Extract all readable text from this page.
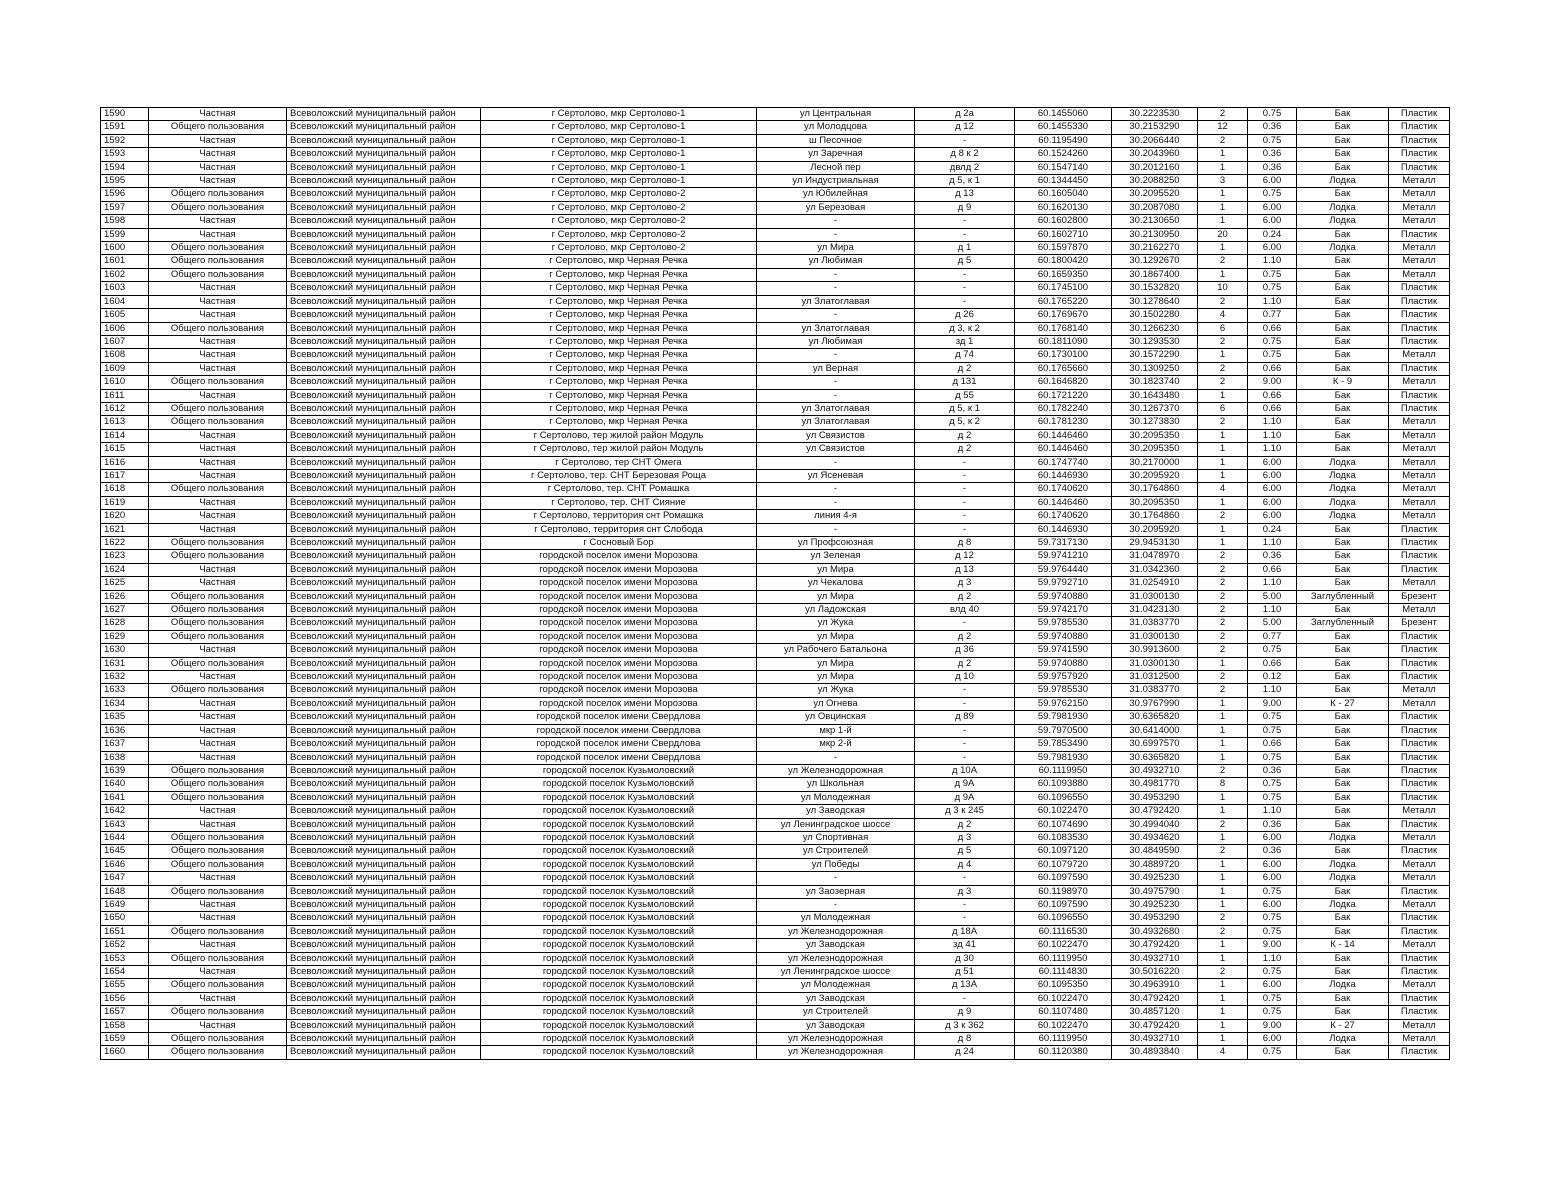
1590	Частная	Всеволожский муниципальный район	г Сертолово, мкр Сертолово-1	ул Центральная	д 2а	60.1455060	30.2223530	2	0.75	Бак	Пластик
1591	Общего пользования	Всеволожский муниципальный район	г Сертолово, мкр Сертолово-1	ул Молодцова	д 12	60.1455330	30.2153290	12	0.36	Бак	Пластик
1592	Частная	Всеволожский муниципальный район	г Сертолово, мкр Сертолово-1	ш Песочное	-	60.1195490	30.2066440	2	0.75	Бак	Пластик
1593	Частная	Всеволожский муниципальный район	г Сертолово, мкр Сертолово-1	ул Заречная	д 8 к 2	60.1524260	30.2043960	1	0.36	Бак	Пластик
1594	Частная	Всеволожский муниципальный район	г Сертолово, мкр Сертолово-1	Лесной пер	двлд 2	60.1547140	30.2012160	1	0.36	Бак	Пластик
1595	Частная	Всеволожский муниципальный район	г Сертолово, мкр Сертолово-1	ул Индустриальная	д 5, к 1	60.1344450	30.2088250	3	6.00	Лодка	Металл
1596	Общего пользования	Всеволожский муниципальный район	г Сертолово, мкр Сертолово-2	ул Юбилейная	д 13	60.1605040	30.2095520	1	0.75	Бак	Металл
1597	Общего пользования	Всеволожский муниципальный район	г Сертолово, мкр Сертолово-2	ул Березовая	д 9	60.1620130	30.2087080	1	6.00	Лодка	Металл
1598	Частная	Всеволожский муниципальный район	г Сертолово, мкр Сертолово-2	-	-	60.1602800	30.2130650	1	6.00	Лодка	Металл
1599	Частная	Всеволожский муниципальный район	г Сертолово, мкр Сертолово-2	-	-	60.1602710	30.2130950	20	0.24	Бак	Пластик
1600	Общего пользования	Всеволожский муниципальный район	г Сертолово, мкр Сертолово-2	ул Мира	д 1	60.1597870	30.2162270	1	6.00	Лодка	Металл
1601	Общего пользования	Всеволожский муниципальный район	г Сертолово, мкр Черная Речка	ул Любимая	д 5	60.1800420	30.1292670	2	1.10	Бак	Металл
1602	Общего пользования	Всеволожский муниципальный район	г Сертолово, мкр Черная Речка	-	-	60.1659350	30.1867400	1	0.75	Бак	Металл
1603	Частная	Всеволожский муниципальный район	г Сертолово, мкр Черная Речка	-	-	60.1745100	30.1532820	10	0.75	Бак	Пластик
1604	Частная	Всеволожский муниципальный район	г Сертолово, мкр Черная Речка	ул Златоглавая	-	60.1765220	30.1278640	2	1.10	Бак	Пластик
1605	Частная	Всеволожский муниципальный район	г Сертолово, мкр Черная Речка	-	д 26	60.1769670	30.1502280	4	0.77	Бак	Пластик
1606	Общего пользования	Всеволожский муниципальный район	г Сертолово, мкр Черная Речка	ул Златоглавая	д 3, к 2	60.1768140	30.1266230	6	0.66	Бак	Пластик
1607	Частная	Всеволожский муниципальный район	г Сертолово, мкр Черная Речка	ул Любимая	зд 1	60.1811090	30.1293530	2	0.75	Бак	Пластик
1608	Частная	Всеволожский муниципальный район	г Сертолово, мкр Черная Речка	-	д 74	60.1730100	30.1572290	1	0.75	Бак	Металл
1609	Частная	Всеволожский муниципальный район	г Сертолово, мкр Черная Речка	ул Верная	д 2	60.1765660	30.1309250	2	0.66	Бак	Пластик
1610	Общего пользования	Всеволожский муниципальный район	г Сертолово, мкр Черная Речка	-	д 131	60.1646820	30.1823740	2	9.00	К - 9	Металл
1611	Частная	Всеволожский муниципальный район	г Сертолово, мкр Черная Речка	-	д 55	60.1721220	30.1643480	1	0.66	Бак	Пластик
1612	Общего пользования	Всеволожский муниципальный район	г Сертолово, мкр Черная Речка	ул Златоглавая	д 5, к 1	60.1782240	30.1267370	6	0.66	Бак	Пластик
1613	Общего пользования	Всеволожский муниципальный район	г Сертолово, мкр Черная Речка	ул Златоглавая	д 5, к 2	60.1781230	30.1273830	2	1.10	Бак	Металл
1614	Частная	Всеволожский муниципальный район	г Сертолово, тер жилой район Модуль	ул Связистов	д 2	60.1446460	30.2095350	1	1.10	Бак	Металл
1615	Частная	Всеволожский муниципальный район	г Сертолово, тер жилой район Модуль	ул Связистов	д 2	60.1446460	30.2095350	1	1.10	Бак	Металл
1616	Частная	Всеволожский муниципальный район	г Сертолово, тер СНТ Омега	-	-	60.1747740	30.2170000	1	6.00	Лодка	Металл
1617	Частная	Всеволожский муниципальный район	г Сертолово, тер. СНТ Березовая Роща	ул Ясеневая	-	60.1446930	30.2095920	1	6.00	Лодка	Металл
1618	Общего пользования	Всеволожский муниципальный район	г Сертолово, тер. СНТ Ромашка	-	-	60.1740620	30.1764860	4	6.00	Лодка	Металл
1619	Частная	Всеволожский муниципальный район	г Сертолово, тер. СНТ Сияние	-	-	60.1446460	30.2095350	1	6.00	Лодка	Металл
1620	Частная	Всеволожский муниципальный район	г Сертолово, территория снт Ромашка	линия 4-я	-	60.1740620	30.1764860	2	6.00	Лодка	Металл
1621	Частная	Всеволожский муниципальный район	г Сертолово, территория снт Слобода	-	-	60.1446930	30.2095920	1	0.24	Бак	Пластик
1622	Общего пользования	Всеволожский муниципальный район	г Сосновый Бор	ул Профсоюзная	д 8	59.7317130	29.9453130	1	1.10	Бак	Пластик
1623	Общего пользования	Всеволожский муниципальный район	городской поселок имени Морозова	ул Зеленая	д 12	59.9741210	31.0478970	2	0.36	Бак	Пластик
1624	Частная	Всеволожский муниципальный район	городской поселок имени Морозова	ул Мира	д 13	59.9764440	31.0342360	2	0.66	Бак	Пластик
1625	Частная	Всеволожский муниципальный район	городской поселок имени Морозова	ул Чекалова	д 3	59.9792710	31.0254910	2	1.10	Бак	Металл
1626	Общего пользования	Всеволожский муниципальный район	городской поселок имени Морозова	ул Мира	д 2	59.9740880	31.0300130	2	5.00	Заглубленный	Брезент
1627	Общего пользования	Всеволожский муниципальный район	городской поселок имени Морозова	ул Ладожская	влд 40	59.9742170	31.0423130	2	1.10	Бак	Металл
1628	Общего пользования	Всеволожский муниципальный район	городской поселок имени Морозова	ул Жука	-	59.9785530	31.0383770	2	5.00	Заглубленный	Брезент
1629	Общего пользования	Всеволожский муниципальный район	городской поселок имени Морозова	ул Мира	д 2	59.9740880	31.0300130	2	0.77	Бак	Пластик
1630	Частная	Всеволожский муниципальный район	городской поселок имени Морозова	ул Рабочего Батальона	д 36	59.9741590	30.9913600	2	0.75	Бак	Пластик
1631	Общего пользования	Всеволожский муниципальный район	городской поселок имени Морозова	ул Мира	д 2	59.9740880	31.0300130	1	0.66	Бак	Пластик
1632	Частная	Всеволожский муниципальный район	городской поселок имени Морозова	ул Мира	д 10	59.9757920	31.0312500	2	0.12	Бак	Пластик
1633	Общего пользования	Всеволожский муниципальный район	городской поселок имени Морозова	ул Жука	-	59.9785530	31.0383770	2	1.10	Бак	Металл
1634	Частная	Всеволожский муниципальный район	городской поселок имени Морозова	ул Огнева	-	59.9762150	30.9767990	1	9.00	К - 27	Металл
1635	Частная	Всеволожский муниципальный район	городской поселок имени Свердлова	ул Овцинская	д 89	59.7981930	30.6365820	1	0.75	Бак	Пластик
1636	Частная	Всеволожский муниципальный район	городской поселок имени Свердлова	мкр 1-й	-	59.7970500	30.6414000	1	0.75	Бак	Пластик
1637	Частная	Всеволожский муниципальный район	городской поселок имени Свердлова	мкр 2-й	-	59.7853490	30.6997570	1	0.66	Бак	Пластик
1638	Частная	Всеволожский муниципальный район	городской поселок имени Свердлова	-	-	59.7981930	30.6365820	1	0.75	Бак	Пластик
1639	Общего пользования	Всеволожский муниципальный район	городской поселок Кузьмоловский	ул Железнодорожная	д 10А	60.1119950	30.4932710	2	0.36	Бак	Пластик
1640	Общего пользования	Всеволожский муниципальный район	городской поселок Кузьмоловский	ул Школьная	д 9А	60.1093880	30.4981770	8	0.75	Бак	Пластик
1641	Общего пользования	Всеволожский муниципальный район	городской поселок Кузьмоловский	ул Молодежная	д 9А	60.1096550	30.4953290	1	0.75	Бак	Пластик
1642	Частная	Всеволожский муниципальный район	городской поселок Кузьмоловский	ул Заводская	д 3 к 245	60.1022470	30.4792420	1	1.10	Бак	Металл
1643	Частная	Всеволожский муниципальный район	городской поселок Кузьмоловский	ул Ленинградское шоссе	д 2	60.1074690	30.4994040	2	0.36	Бак	Пластик
1644	Общего пользования	Всеволожский муниципальный район	городской поселок Кузьмоловский	ул Спортивная	д 3	60.1083530	30.4934620	1	6.00	Лодка	Металл
1645	Общего пользования	Всеволожский муниципальный район	городской поселок Кузьмоловский	ул Строителей	д 5	60.1097120	30.4849590	2	0.36	Бак	Пластик
1646	Общего пользования	Всеволожский муниципальный район	городской поселок Кузьмоловский	ул Победы	д 4	60.1079720	30.4889720	1	6.00	Лодка	Металл
1647	Частная	Всеволожский муниципальный район	городской поселок Кузьмоловский	-	-	60.1097590	30.4925230	1	6.00	Лодка	Металл
1648	Общего пользования	Всеволожский муниципальный район	городской поселок Кузьмоловский	ул Заозерная	д 3	60.1198970	30.4975790	1	0.75	Бак	Пластик
1649	Частная	Всеволожский муниципальный район	городской поселок Кузьмоловский	-	-	60.1097590	30.4925230	1	6.00	Лодка	Металл
1650	Частная	Всеволожский муниципальный район	городской поселок Кузьмоловский	ул Молодежная	-	60.1096550	30.4953290	2	0.75	Бак	Пластик
1651	Общего пользования	Всеволожский муниципальный район	городской поселок Кузьмоловский	ул Железнодорожная	д 18А	60.1116530	30.4932680	2	0.75	Бак	Пластик
1652	Частная	Всеволожский муниципальный район	городской поселок Кузьмоловский	ул Заводская	зд 41	60.1022470	30.4792420	1	9.00	К - 14	Металл
1653	Общего пользования	Всеволожский муниципальный район	городской поселок Кузьмоловский	ул Железнодорожная	д 30	60.1119950	30.4932710	1	1.10	Бак	Пластик
1654	Частная	Всеволожский муниципальный район	городской поселок Кузьмоловский	ул Ленинградское шоссе	д 51	60.1114830	30.5016220	2	0.75	Бак	Пластик
1655	Общего пользования	Всеволожский муниципальный район	городской поселок Кузьмоловский	ул Молодежная	д 13А	60.1095350	30.4963910	1	6.00	Лодка	Металл
1656	Частная	Всеволожский муниципальный район	городской поселок Кузьмоловский	ул Заводская	-	60.1022470	30.4792420	1	0.75	Бак	Пластик
1657	Общего пользования	Всеволожский муниципальный район	городской поселок Кузьмоловский	ул Строителей	д 9	60.1107480	30.4857120	1	0.75	Бак	Пластик
1658	Частная	Всеволожский муниципальный район	городской поселок Кузьмоловский	ул Заводская	д 3 к 362	60.1022470	30.4792420	1	9.00	К - 27	Металл
1659	Общего пользования	Всеволожский муниципальный район	городской поселок Кузьмоловский	ул Железнодорожная	д 8	60.1119950	30.4932710	1	6.00	Лодка	Металл
1660	Общего пользования	Всеволожский муниципальный район	городской поселок Кузьмоловский	ул Железнодорожная	д 24	60.1120380	30.4893840	4	0.75	Бак	Пластик
